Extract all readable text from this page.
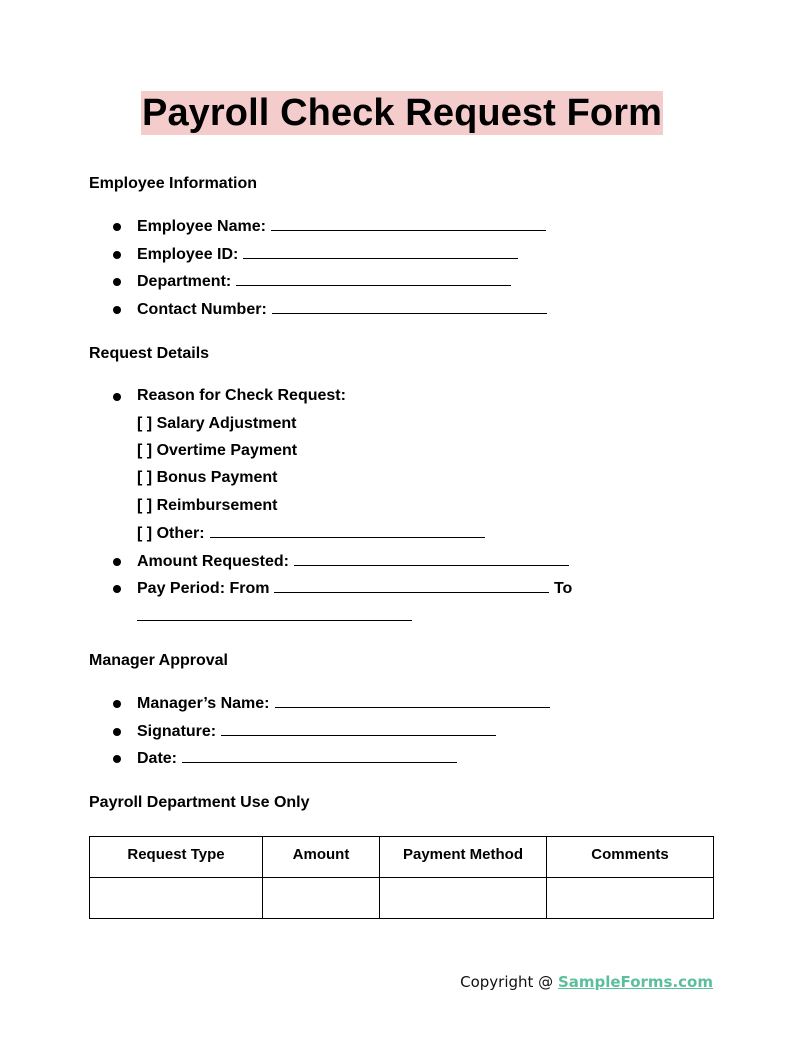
Payroll Check Request Form
Employee Information
Employee Name:
Employee ID:
Department:
Contact Number:
Request Details
Reason for Check Request:
[ ] Salary Adjustment
[ ] Overtime Payment
[ ] Bonus Payment
[ ] Reimbursement
[ ] Other:
Amount Requested:
Pay Period: From	To
Manager Approval
Manager’s Name:
Signature:
Date:
Payroll Department Use Only
Request Type	Amount	Payment Method	Comments

Copyright @ SampleForms.com
